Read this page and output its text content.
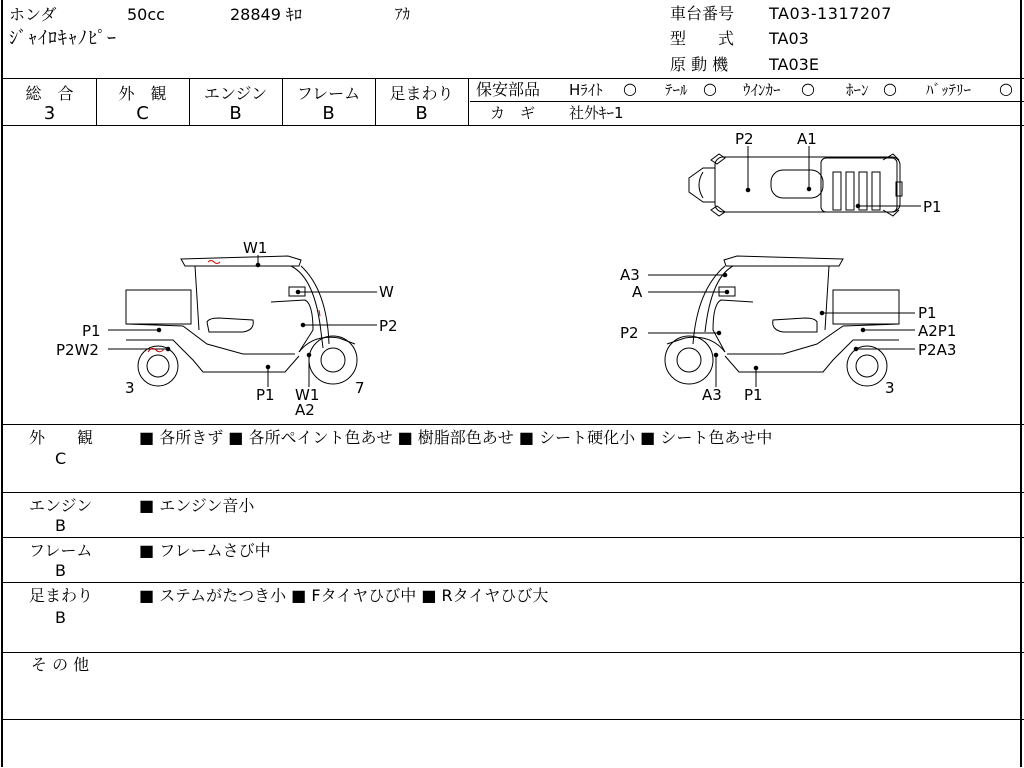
ホンダ	50cc	28849 ｷﾛ	ｱｶ
ｼﾞｬｲﾛｷｬﾉﾋﾟｰ
車台番号 TA03-1317207
型　　式 TA03
原 動 機	TA03E
総　合	外　観	エンジン	フレーム	足まわり
3	C	B	B	B
保安部品 Hﾗｲﾄ ○ ﾃｰﾙ ○ ｳｲﾝｶｰ ○ ﾎｰﾝ ○ ﾊﾞｯﾃﾘｰ ○
カ　ギ 社外ｷｰ1
P2	A1
P1
W1
W
P2
P1
P2W2
3	P1 W1
A2
7
A3
A
P2
P1
A2P1
P2A3
A3 P1	3
外　　観
C
■ 各所きず ■ 各所ペイント色あせ ■ 樹脂部色あせ ■ シート硬化小 ■ シート色あせ中
エンジン
B
■ エンジン音小
フレーム
B
■ フレームさび中
足まわり
B
■ ステムがたつき小 ■ Fタイヤひび中 ■ Rタイヤひび大
そ の 他
